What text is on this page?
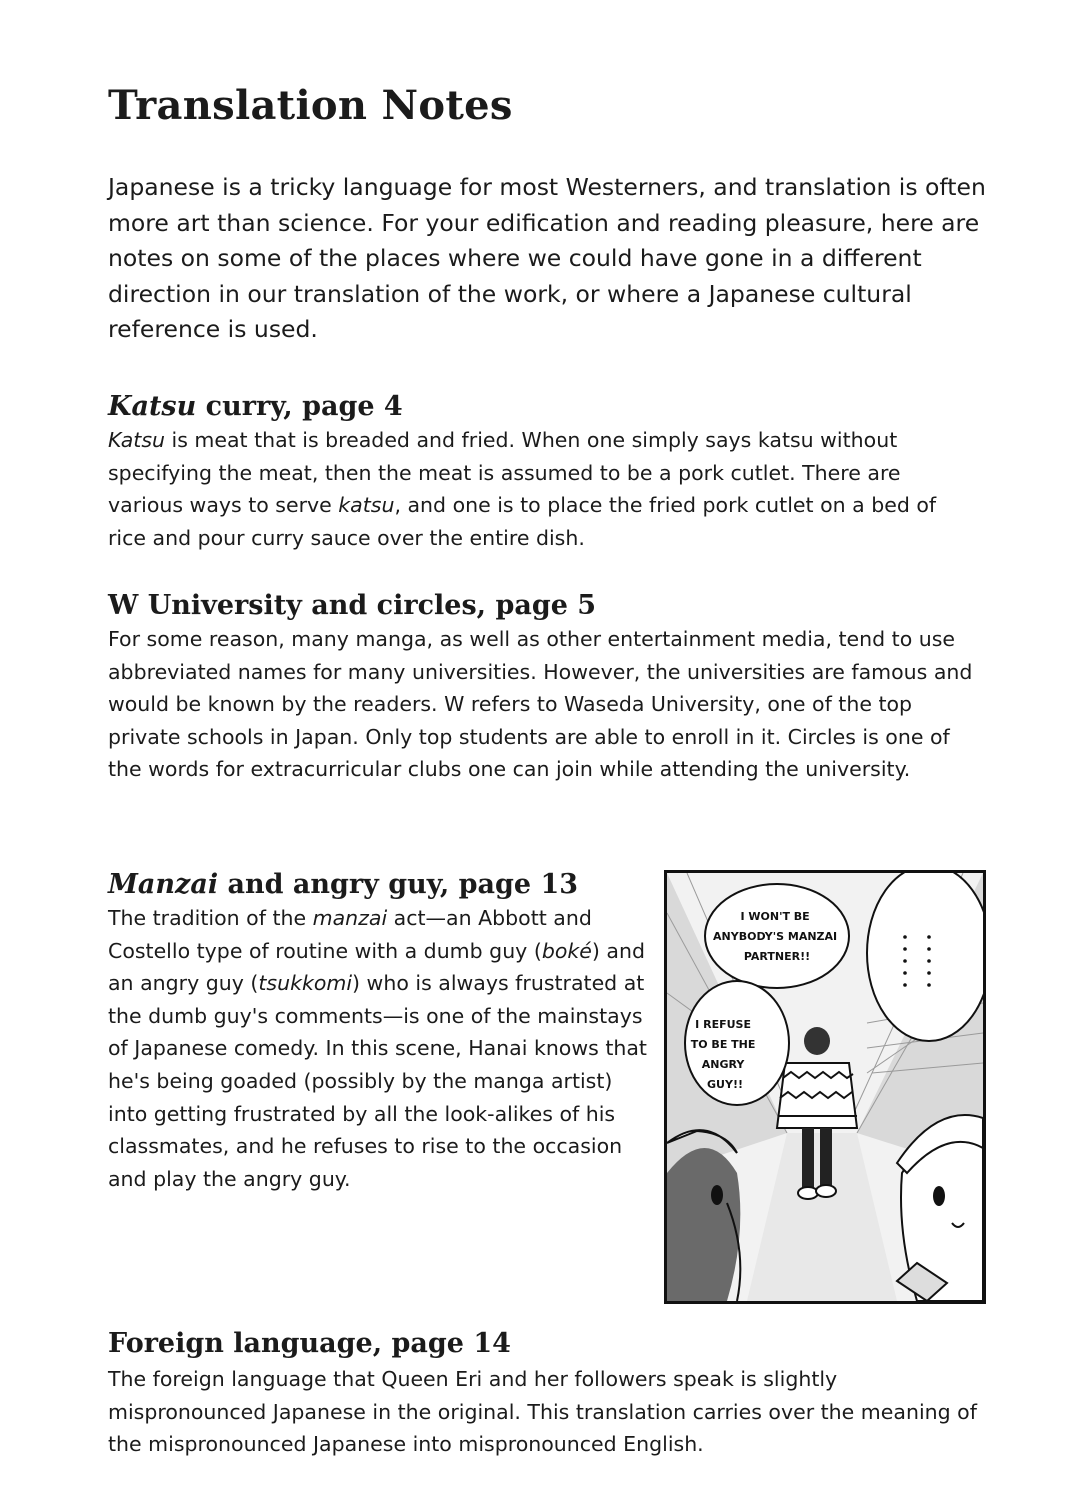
Translation Notes

Japanese is a tricky language for most Westerners, and translation is often more art than science. For your edification and reading pleasure, here are notes on some of the places where we could have gone in a different direction in our translation of the work, or where a Japanese cultural reference is used.

Katsu curry, page 4

Katsu is meat that is breaded and fried. When one simply says katsu without specifying the meat, then the meat is assumed to be a pork cutlet. There are various ways to serve katsu, and one is to place the fried pork cutlet on a bed of rice and pour curry sauce over the entire dish.

W University and circles, page 5

For some reason, many manga, as well as other entertainment media, tend to use abbreviated names for many universities. However, the universities are famous and would be known by the readers. W refers to Waseda University, one of the top private schools in Japan. Only top students are able to enroll in it. Circles is one of the words for extracurricular clubs one can join while attending the university.

Manzai and angry guy, page 13

The tradition of the manzai act—an Abbott and Costello type of routine with a dumb guy (boké) and an angry guy (tsukkomi) who is always frustrated at the dumb guy's comments—is one of the mainstays of Japanese comedy. In this scene, Hanai knows that he's being goaded (possibly by the manga artist) into getting frustrated by all the look-alikes of his classmates, and he refuses to rise to the occasion and play the angry guy.

I WON'T BE ANYBODY'S MANZAI PARTNER!!
I REFUSE TO BE THE ANGRY GUY!!
Foreign language, page 14

The foreign language that Queen Eri and her followers speak is slightly mispronounced Japanese in the original. This translation carries over the meaning of the mispronounced Japanese into mispronounced English.
